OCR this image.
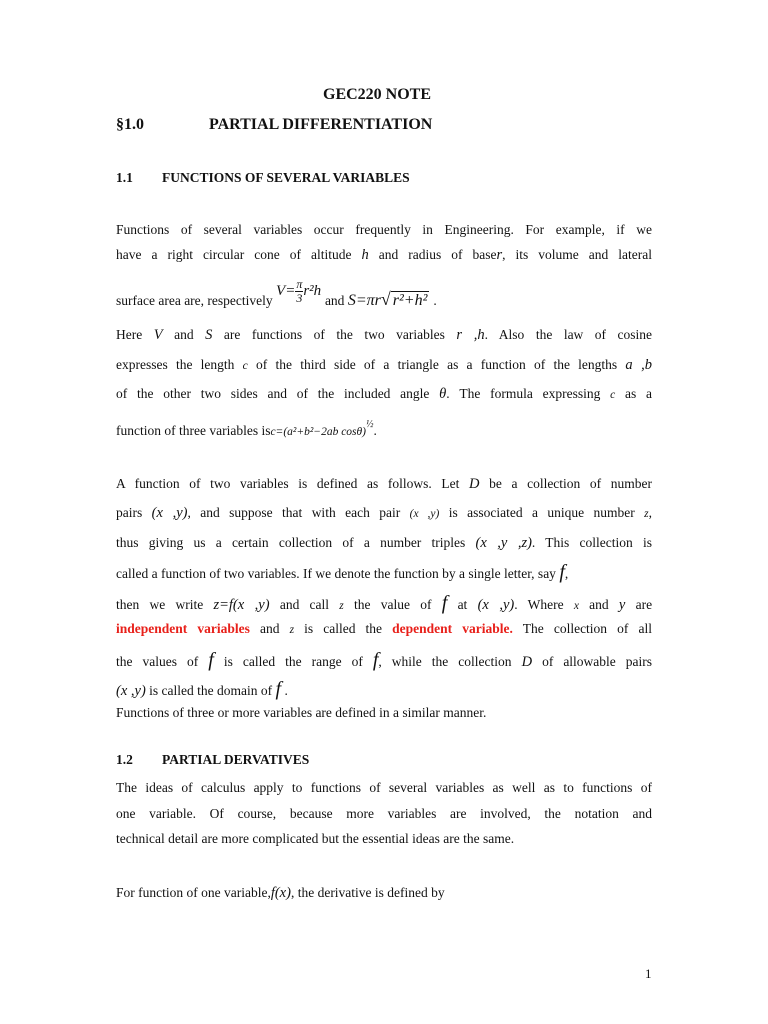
GEC220 NOTE
§1.0	PARTIAL DIFFERENTIATION
1.1 FUNCTIONS OF SEVERAL VARIABLES
Functions of several variables occur frequently in Engineering. For example, if we
have a right circular cone of altitude h and radius of baser, its volume and lateral
surface area are, respectively $V= \frac{\pi}{3} r^2h$ and S=πr√ r²+h² .
Here V and S are functions of the two variables r ,h. Also the law of cosine
expresses the length c of the third side of a triangle as a function of the lengths a ,b
of the other two sides and of the included angle θ. The formula expressing c as a
function of three variables isc=(a²+b²−2ab cosθ)$^{\frac{1}{2}}$.
A function of two variables is defined as follows. Let D be a collection of number
pairs (x ,y), and suppose that with each pair (x ,y) is associated a unique number z,
thus giving us a certain collection of a number triples (x ,y ,z). This collection is
called a function of two variables. If we denote the function by a single letter, say f,
then we write z=f(x ,y) and call z the value of f at (x ,y). Where x and y are
independent variables and z is called the dependent variable. The collection of all
the values of f is called the range of f, while the collection D of allowable pairs
(x ,y) is called the domain of f .
Functions of three or more variables are defined in a similar manner.
1.2 PARTIAL DERVATIVES
The ideas of calculus apply to functions of several variables as well as to functions of
one variable. Of course, because more variables are involved, the notation and
technical detail are more complicated but the essential ideas are the same.
For function of one variable,f(x), the derivative is defined by
1
